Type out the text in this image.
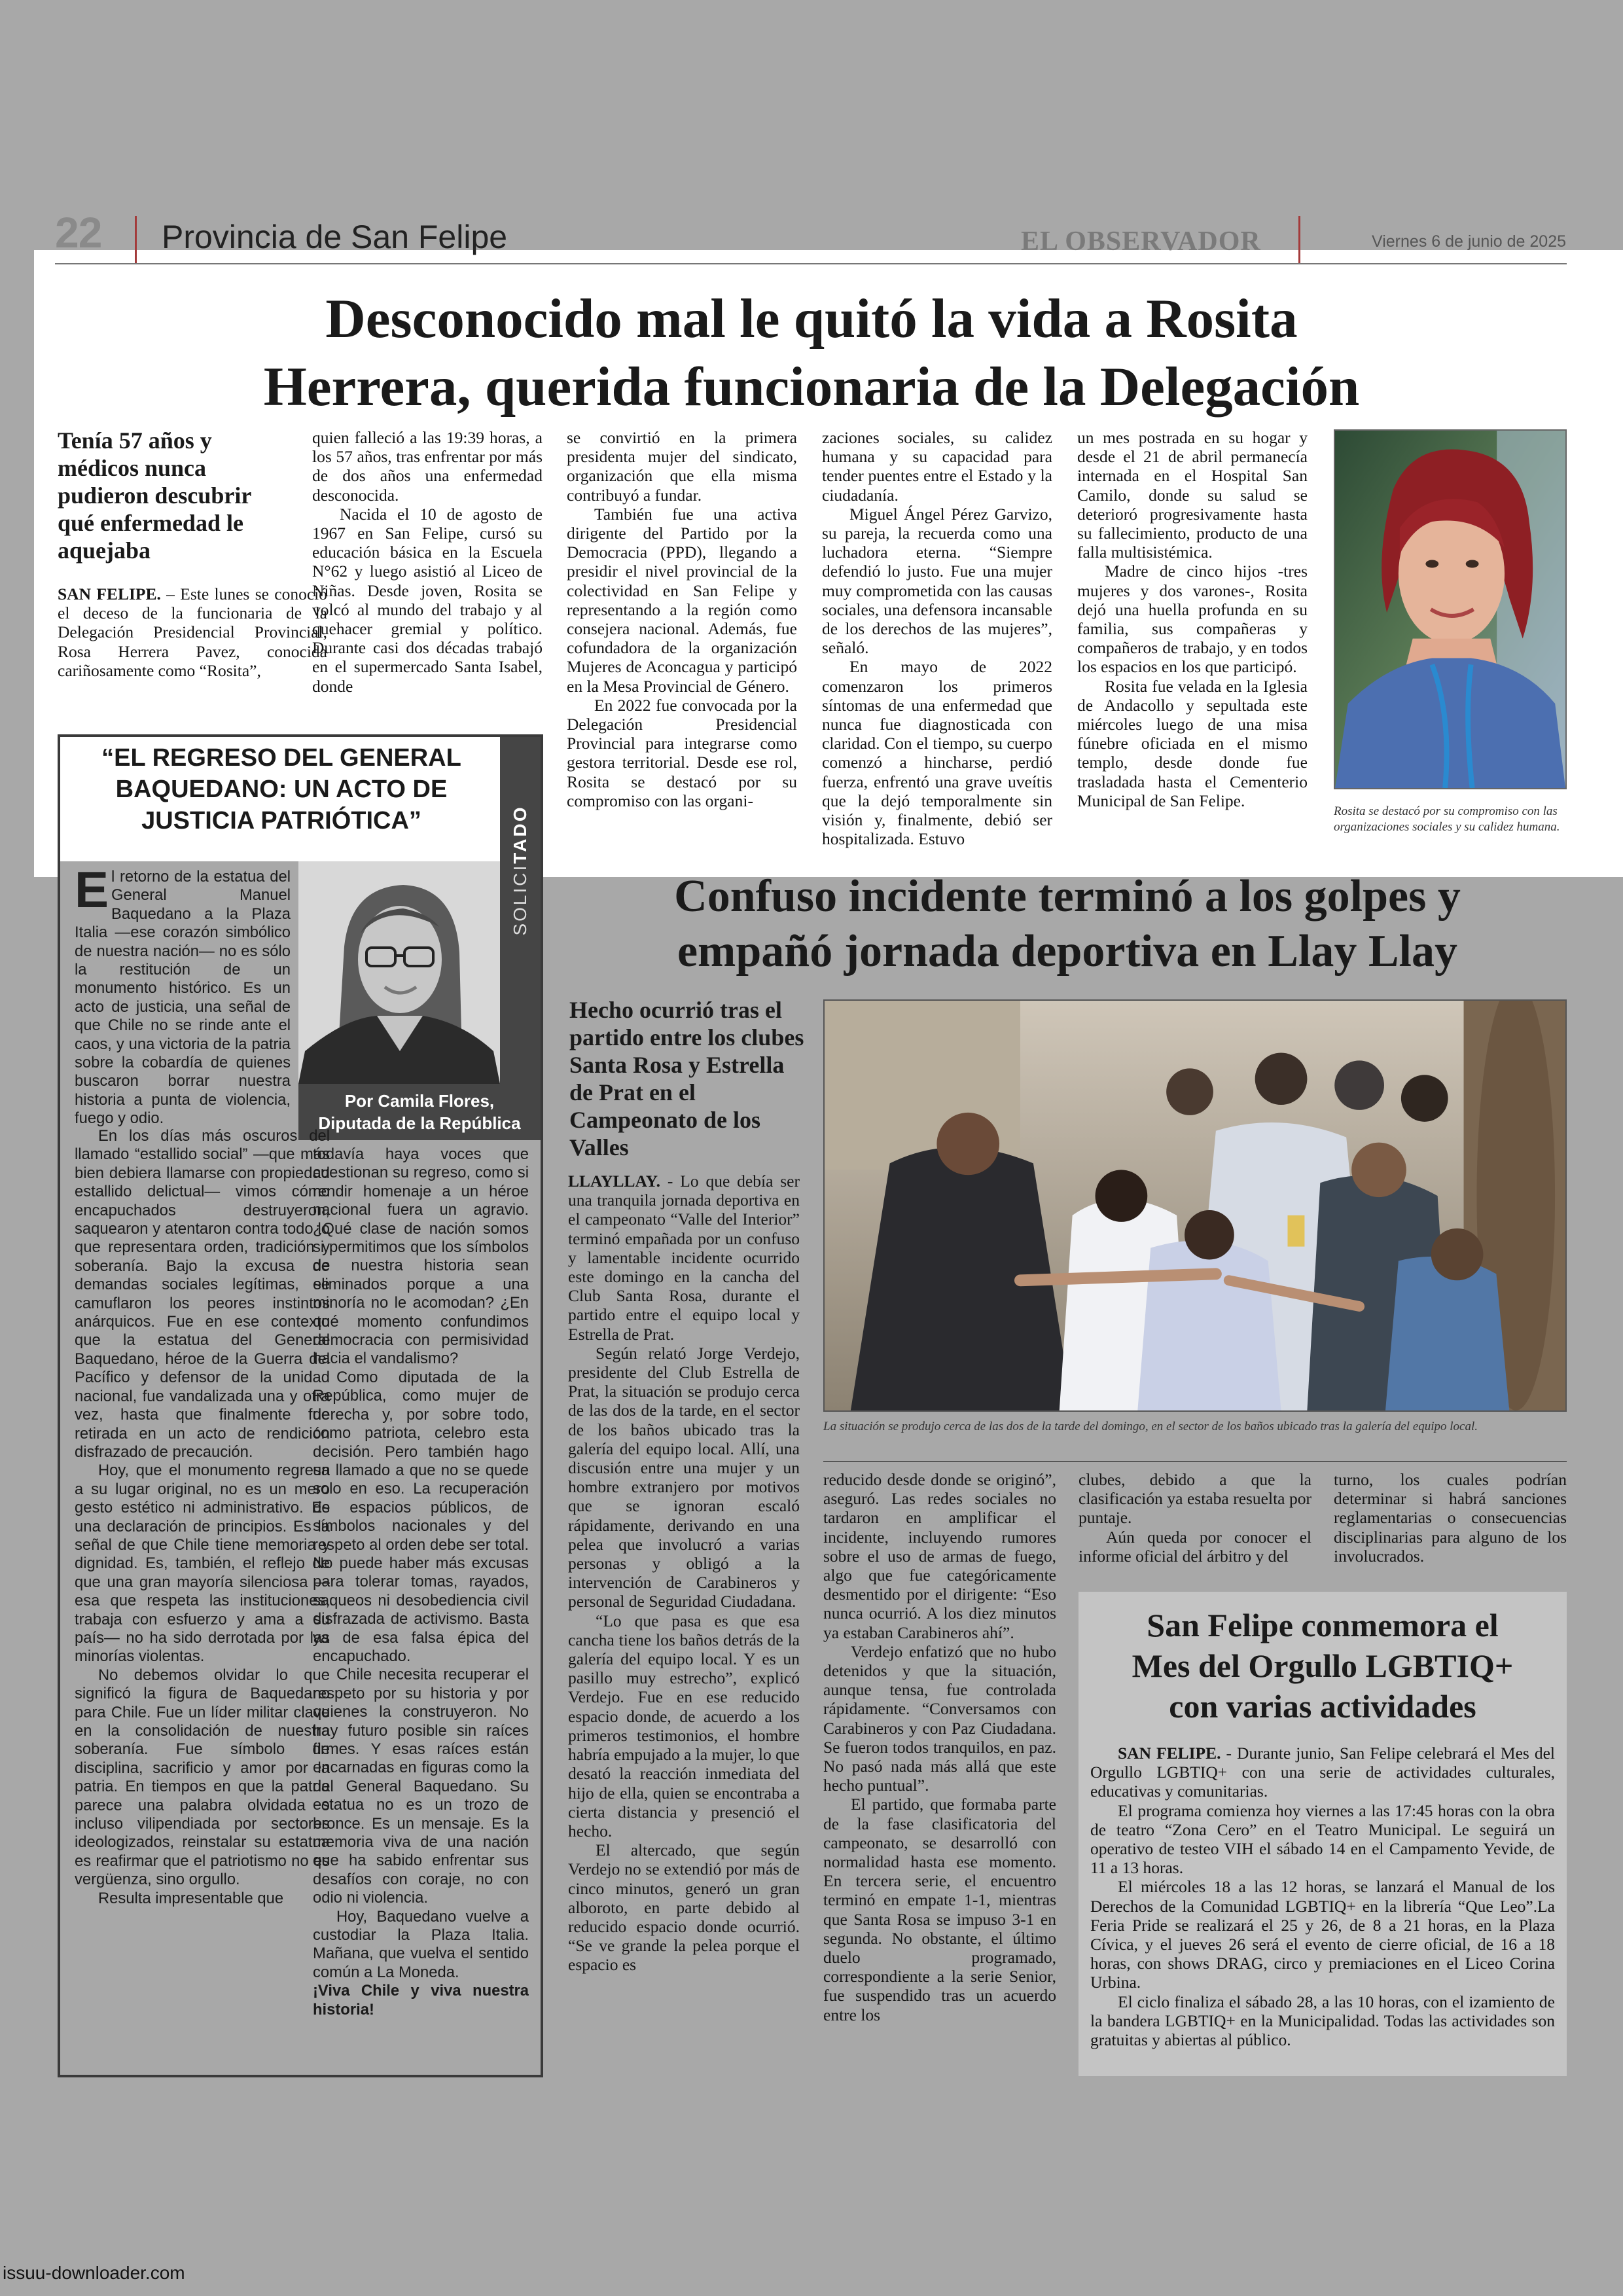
22 Provincia de San Felipe	EL OBSERVADOR	Viernes 6 de junio de 2025
Desconocido mal le quitó la vida a Rosita
Herrera, querida funcionaria de la Delegación
Tenía 57 años y médicos nunca pudieron descubrir qué enfermedad le aquejaba

SAN FELIPE. – Este lunes se conoció el deceso de la funcionaria de la Delegación Presidencial Provincial, Rosa Herrera Pavez, conocida cariñosamente como “Rosita”,

quien falleció a las 19:39 horas, a los 57 años, tras enfrentar por más de dos años una enfermedad desconocida.

Nacida el 10 de agosto de 1967 en San Felipe, cursó su educación básica en la Escuela N°62 y luego asistió al Liceo de Niñas. Desde joven, Rosita se volcó al mundo del trabajo y al quehacer gremial y político. Durante casi dos décadas trabajó en el supermercado Santa Isabel, donde

se convirtió en la primera presidenta mujer del sindicato, organización que ella misma contribuyó a fundar.

También fue una activa dirigente del Partido por la Democracia (PPD), llegando a presidir el nivel provincial de la colectividad en San Felipe y representando a la región como consejera nacional. Además, fue cofundadora de la organización Mujeres de Aconcagua y participó en la Mesa Provincial de Género.

En 2022 fue convocada por la Delegación Presidencial Provincial para integrarse como gestora territorial. Desde ese rol, Rosita se destacó por su compromiso con las organi-

zaciones sociales, su calidez humana y su capacidad para tender puentes entre el Estado y la ciudadanía.

Miguel Ángel Pérez Garvizo, su pareja, la recuerda como una luchadora eterna. “Siempre defendió lo justo. Fue una mujer muy comprometida con las causas sociales, una defensora incansable de los derechos de las mujeres”, señaló.

En mayo de 2022 comenzaron los primeros síntomas de una enfermedad que nunca fue diagnosticada con claridad. Con el tiempo, su cuerpo comenzó a hincharse, perdió fuerza, enfrentó una grave uveítis que la dejó temporalmente sin visión y, finalmente, debió ser hospitalizada. Estuvo

un mes postrada en su hogar y desde el 21 de abril permanecía internada en el Hospital San Camilo, donde su salud se deterioró progresivamente hasta su fallecimiento, producto de una falla multisistémica.

Madre de cinco hijos -tres mujeres y dos varones-, Rosita dejó una huella profunda en su familia, sus compañeras y compañeros de trabajo, y en todos los espacios en los que participó.

Rosita fue velada en la Iglesia de Andacollo y sepultada este miércoles luego de una misa fúnebre oficiada en el mismo templo, desde donde fue trasladada hasta el Cementerio Municipal de San Felipe.

Rosita se destacó por su compromiso con las organizaciones sociales y su calidez humana.
“EL REGRESO DEL GENERAL BAQUEDANO: UN ACTO DE JUSTICIA PATRIÓTICA”
SOLICITADO
Por Camila Flores,
Diputada de la República

El retorno de la estatua del General Manuel Baquedano a la Plaza Italia —ese corazón simbólico de nuestra nación— no es sólo la restitución de un monumento histórico. Es un acto de justicia, una señal de que Chile no se rinde ante el caos, y una victoria de la patria sobre la cobardía de quienes buscaron borrar nuestra historia a punta de violencia, fuego y odio.

En los días más oscuros del llamado “estallido social” —que más bien debiera llamarse con propiedad estallido delictual— vimos cómo encapuchados destruyeron, saquearon y atentaron contra todo lo que representara orden, tradición y soberanía. Bajo la excusa de demandas sociales legítimas, se camuflaron los peores instintos anárquicos. Fue en ese contexto que la estatua del General Baquedano, héroe de la Guerra del Pacífico y defensor de la unidad nacional, fue vandalizada una y otra vez, hasta que finalmente fue retirada en un acto de rendición disfrazado de precaución.

Hoy, que el monumento regresa a su lugar original, no es un mero gesto estético ni administrativo. Es una declaración de principios. Es la señal de que Chile tiene memoria y dignidad. Es, también, el reflejo de que una gran mayoría silenciosa —esa que respeta las instituciones, trabaja con esfuerzo y ama a su país— no ha sido derrotada por las minorías violentas.

No debemos olvidar lo que significó la figura de Baquedano para Chile. Fue un líder militar clave en la consolidación de nuestra soberanía. Fue símbolo de disciplina, sacrificio y amor por la patria. En tiempos en que la patria parece una palabra olvidada o incluso vilipendiada por sectores ideologizados, reinstalar su estatua es reafirmar que el patriotismo no es vergüenza, sino orgullo.

Resulta impresentable que

todavía haya voces que cuestionan su regreso, como si rendir homenaje a un héroe nacional fuera un agravio. ¿Qué clase de nación somos si permitimos que los símbolos de nuestra historia sean eliminados porque a una minoría no le acomodan? ¿En qué momento confundimos democracia con permisividad hacia el vandalismo?

Como diputada de la República, como mujer de derecha y, por sobre todo, como patriota, celebro esta decisión. Pero también hago un llamado a que no se quede solo en eso. La recuperación de espacios públicos, de símbolos nacionales y del respeto al orden debe ser total. No puede haber más excusas para tolerar tomas, rayados, saqueos ni desobediencia civil disfrazada de activismo. Basta ya de esa falsa épica del encapuchado.

Chile necesita recuperar el respeto por su historia y por quienes la construyeron. No hay futuro posible sin raíces firmes. Y esas raíces están encarnadas en figuras como la del General Baquedano. Su estatua no es un trozo de bronce. Es un mensaje. Es la memoria viva de una nación que ha sabido enfrentar sus desafíos con coraje, no con odio ni violencia.

Hoy, Baquedano vuelve a custodiar la Plaza Italia. Mañana, que vuelva el sentido común a La Moneda.

¡Viva Chile y viva nuestra historia!

Confuso incidente terminó a los golpes y
empañó jornada deportiva en Llay Llay
Hecho ocurrió tras el partido entre los clubes Santa Rosa y Estrella de Prat en el Campeonato de los Valles

LLAYLLAY. - Lo que debía ser una tranquila jornada deportiva en el campeonato “Valle del Interior” terminó empañada por un confuso y lamentable incidente ocurrido este domingo en la cancha del Club Santa Rosa, durante el partido entre el equipo local y Estrella de Prat.

Según relató Jorge Verdejo, presidente del Club Estrella de Prat, la situación se produjo cerca de las dos de la tarde, en el sector de los baños ubicado tras la galería del equipo local. Allí, una discusión entre una mujer y un hombre extranjero por motivos que se ignoran escaló rápidamente, derivando en una pelea que involucró a varias personas y obligó a la intervención de Carabineros y personal de Seguridad Ciudadana.

“Lo que pasa es que esa cancha tiene los baños detrás de la galería del equipo local. Y es un pasillo muy estrecho”, explicó Verdejo. Fue en ese reducido espacio donde, de acuerdo a los primeros testimonios, el hombre habría empujado a la mujer, lo que desató la reacción inmediata del hijo de ella, quien se encontraba a cierta distancia y presenció el hecho.

El altercado, que según Verdejo no se extendió por más de cinco minutos, generó un gran alboroto, en parte debido al reducido espacio donde ocurrió. “Se ve grande la pelea porque el espacio es

La situación se produjo cerca de las dos de la tarde del domingo, en el sector de los baños ubicado tras la galería del equipo local.

reducido desde donde se originó”, aseguró. Las redes sociales no tardaron en amplificar el incidente, incluyendo rumores sobre el uso de armas de fuego, algo que fue categóricamente desmentido por el dirigente: “Eso nunca ocurrió. A los diez minutos ya estaban Carabineros ahí”.

Verdejo enfatizó que no hubo detenidos y que la situación, aunque tensa, fue controlada rápidamente. “Conversamos con Carabineros y con Paz Ciudadana. Se fueron todos tranquilos, en paz. No pasó nada más allá que este hecho puntual”.

El partido, que formaba parte de la fase clasificatoria del campeonato, se desarrolló con normalidad hasta ese momento. En tercera serie, el encuentro terminó en empate 1-1, mientras que Santa Rosa se impuso 3-1 en segunda. No obstante, el último duelo programado, correspondiente a la serie Senior, fue suspendido tras un acuerdo entre los

clubes, debido a que la clasificación ya estaba resuelta por puntaje.

Aún queda por conocer el informe oficial del árbitro y del

turno, los cuales podrían determinar si habrá sanciones reglamentarias o consecuencias disciplinarias para alguno de los involucrados.

San Felipe conmemora el
Mes del Orgullo LGBTIQ+
con varias actividades

SAN FELIPE. - Durante junio, San Felipe celebrará el Mes del Orgullo LGBTIQ+ con una serie de actividades culturales, educativas y comunitarias.

El programa comienza hoy viernes a las 17:45 horas con la obra de teatro “Zona Cero” en el Teatro Municipal. Le seguirá un operativo de testeo VIH el sábado 14 en el Campamento Yevide, de 11 a 13 horas.

El miércoles 18 a las 12 horas, se lanzará el Manual de los Derechos de la Comunidad LGBTIQ+ en la librería “Que Leo”.La Feria Pride se realizará el 25 y 26, de 8 a 21 horas, en la Plaza Cívica, y el jueves 26 será el evento de cierre oficial, de 16 a 18 horas, con shows DRAG, circo y premiaciones en el Liceo Corina Urbina.

El ciclo finaliza el sábado 28, a las 10 horas, con el izamiento de la bandera LGBTIQ+ en la Municipalidad. Todas las actividades son gratuitas y abiertas al público.

issuu-downloader.com
